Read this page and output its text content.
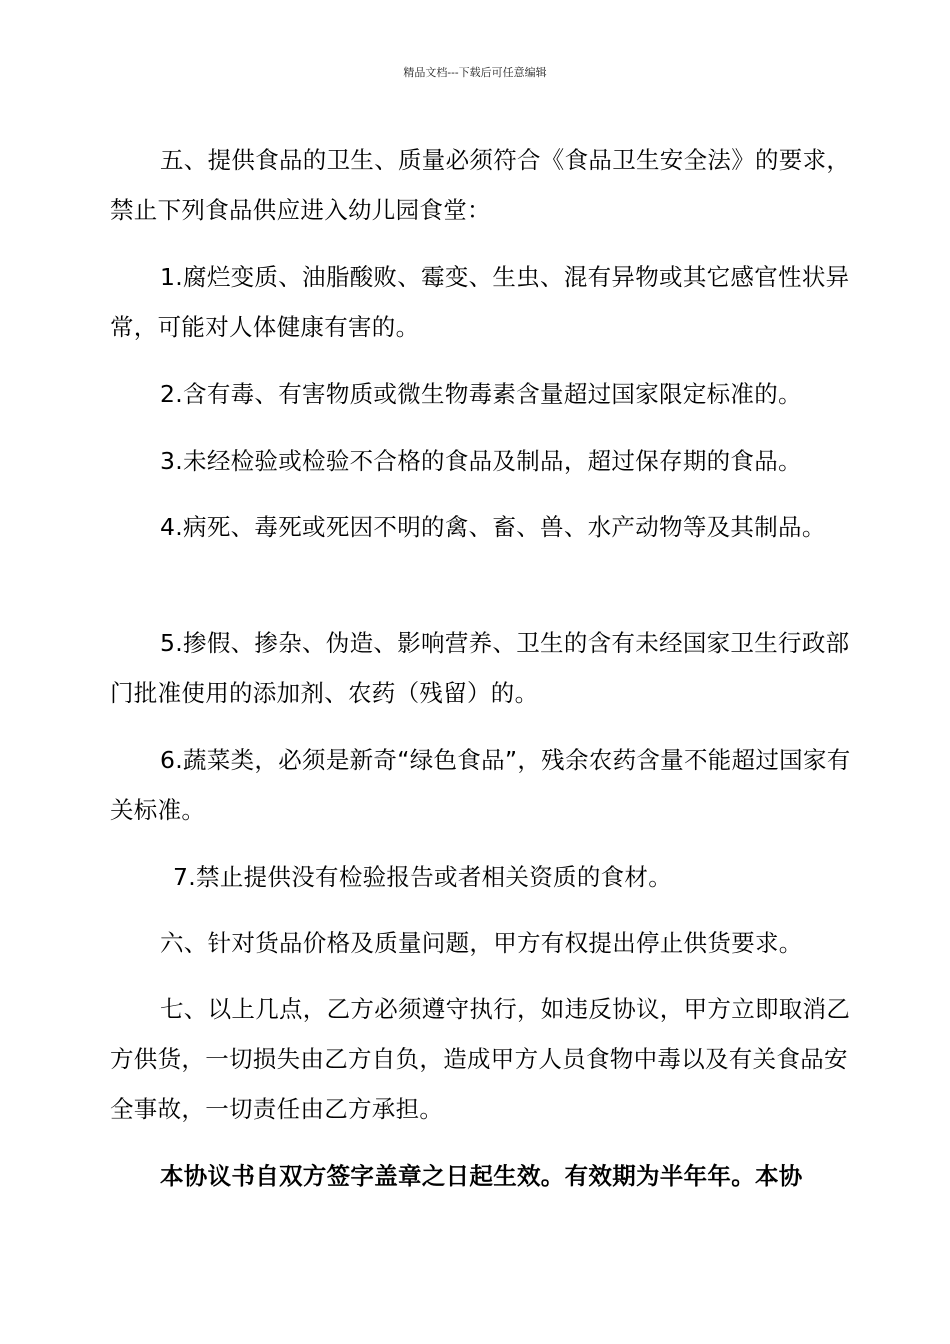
精品文档---下载后可任意编辑
五、提供食品的卫生、质量必须符合《食品卫生安全法》的要求，禁止下列食品供应进入幼儿园食堂：
1.腐烂变质、油脂酸败、霉变、生虫、混有异物或其它感官性状异常，可能对人体健康有害的。
2.含有毒、有害物质或微生物毒素含量超过国家限定标准的。
3.未经检验或检验不合格的食品及制品，超过保存期的食品。
4.病死、毒死或死因不明的禽、畜、兽、水产动物等及其制品。
5.掺假、掺杂、伪造、影响营养、卫生的含有未经国家卫生行政部门批准使用的添加剂、农药（残留）的。
6.蔬菜类，必须是新奇“绿色食品”，残余农药含量不能超过国家有关标准。
7.禁止提供没有检验报告或者相关资质的食材。
六、针对货品价格及质量问题，甲方有权提出停止供货要求。
七、以上几点，乙方必须遵守执行，如违反协议，甲方立即取消乙方供货，一切损失由乙方自负，造成甲方人员食物中毒以及有关食品安全事故，一切责任由乙方承担。
本协议书自双方签字盖章之日起生效。有效期为半年年。本协
